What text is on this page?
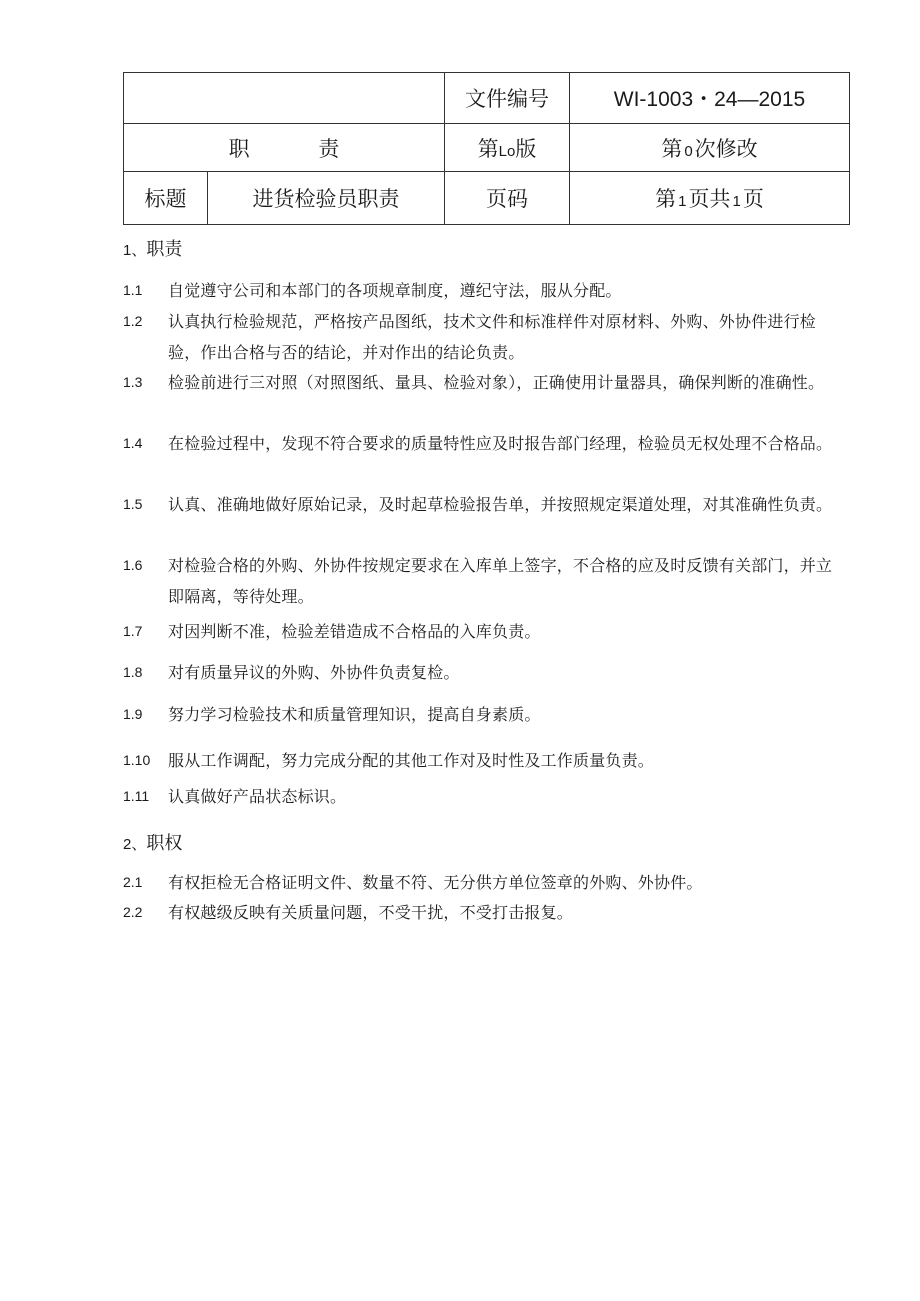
		文件编号	WI-1003・24—2015
职 责		第Lo版	第 0次修改
标题	进货检验员职责	页码	第 1页共 1页
1、职责
1.1	自觉遵守公司和本部门的各项规章制度，遵纪守法，服从分配。
1.2	认真执行检验规范，严格按产品图纸，技术文件和标准样件对原材料、外购、外协件进行检验，作出合格与否的结论，并对作出的结论负责。
1.3	检验前进行三对照（对照图纸、量具、检验对象），正确使用计量器具，确保判断的准确性。
1.4	在检验过程中，发现不符合要求的质量特性应及时报告部门经理，检验员无权处理不合格品。
1.5	认真、准确地做好原始记录，及时起草检验报告单，并按照规定渠道处理，对其准确性负责。
1.6	对检验合格的外购、外协件按规定要求在入库单上签字，不合格的应及时反馈有关部门，并立即隔离，等待处理。
1.7	对因判断不准，检验差错造成不合格品的入库负责。
1.8	对有质量异议的外购、外协件负责复检。
1.9	努力学习检验技术和质量管理知识，提高自身素质。
1.10	服从工作调配，努力完成分配的其他工作对及时性及工作质量负责。
1.11	认真做好产品状态标识。
2、职权
2.1	有权拒检无合格证明文件、数量不符、无分供方单位签章的外购、外协件。
2.2	有权越级反映有关质量问题，不受干扰，不受打击报复。
